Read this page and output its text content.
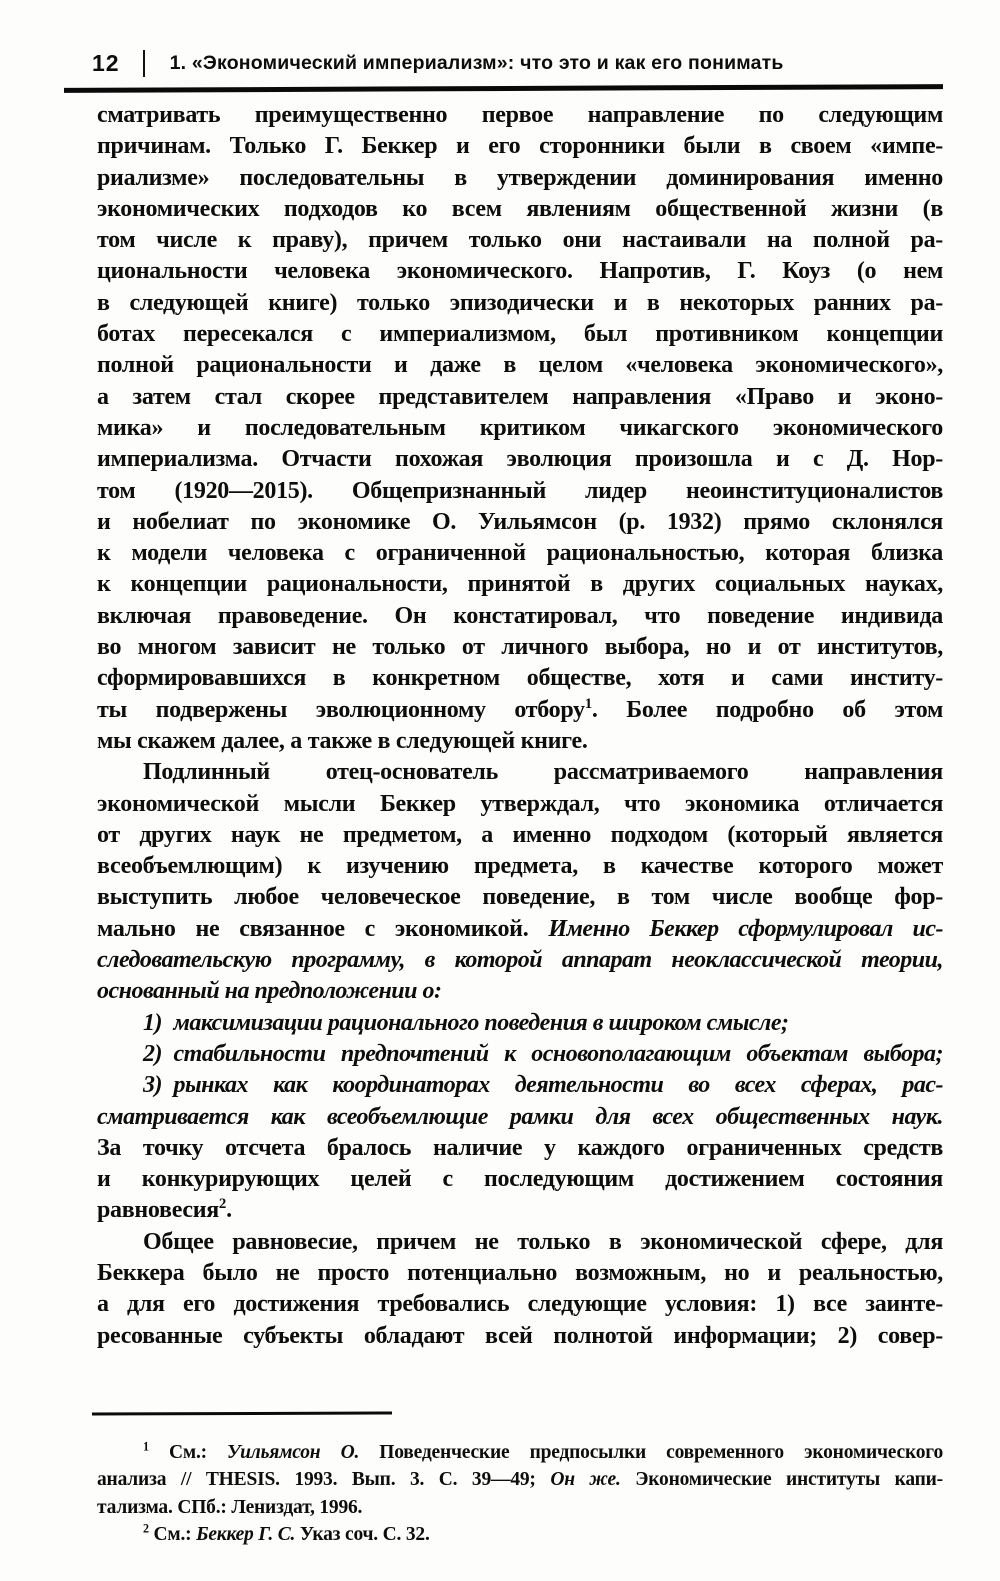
12	1. «Экономический империализм»: что это и как его понимать
сматривать преимущественно первое направление по следующим
причинам. Только Г. Беккер и его сторонники были в своем «импе-
риализме» последовательны в утверждении доминирования именно
экономических подходов ко всем явлениям общественной жизни (в
том числе к праву), причем только они настаивали на полной ра-
циональности человека экономического. Напротив, Г. Коуз (о нем
в следующей книге) только эпизодически и в некоторых ранних ра-
ботах пересекался с империализмом, был противником концепции
полной рациональности и даже в целом «человека экономического»,
а затем стал скорее представителем направления «Право и эконо-
мика» и последовательным критиком чикагского экономического
империализма. Отчасти похожая эволюция произошла и с Д. Нор-
том (1920—2015). Общепризнанный лидер неоинституционалистов
и нобелиат по экономике О. Уильямсон (р. 1932) прямо склонялся
к модели человека с ограниченной рациональностью, которая близка
к концепции рациональности, принятой в других социальных науках,
включая правоведение. Он констатировал, что поведение индивида
во многом зависит не только от личного выбора, но и от институтов,
сформировавшихся в конкретном обществе, хотя и сами институ-
ты подвержены эволюционному отбору$^1$. Более подробно об этом
мы скажем далее, а также в следующей книге.
Подлинный отец-основатель рассматриваемого направления
экономической мысли Беккер утверждал, что экономика отличается
от других наук не предметом, а именно подходом (который является
всеобъемлющим) к изучению предмета, в качестве которого может
выступить любое человеческое поведение, в том числе вообще фор-
мально не связанное с экономикой. Именно Беккер сформулировал ис-
следовательскую программу, в которой аппарат неоклассической теории,
основанный на предположении о:
1) максимизации рационального поведения в широком смысле;
2) стабильности предпочтений к основополагающим объектам выбора;
3) рынках как координаторах деятельности во всех сферах, рас-
сматривается как всеобъемлющие рамки для всех общественных наук.
За точку отсчета бралось наличие у каждого ограниченных средств
и конкурирующих целей с последующим достижением состояния
равновесия$^2$.
Общее равновесие, причем не только в экономической сфере, для
Беккера было не просто потенциально возможным, но и реальностью,
а для его достижения требовались следующие условия: 1) все заинте-
ресованные субъекты обладают всей полнотой информации; 2) совер-
$^1$ См.: Уильямсон О. Поведенческие предпосылки современного экономического
анализа // THESIS. 1993. Вып. 3. С. 39—49; Он же. Экономические институты капи-
тализма. СПб.: Лениздат, 1996.
$^2$ См.: Беккер Г. С. Указ соч. С. 32.
